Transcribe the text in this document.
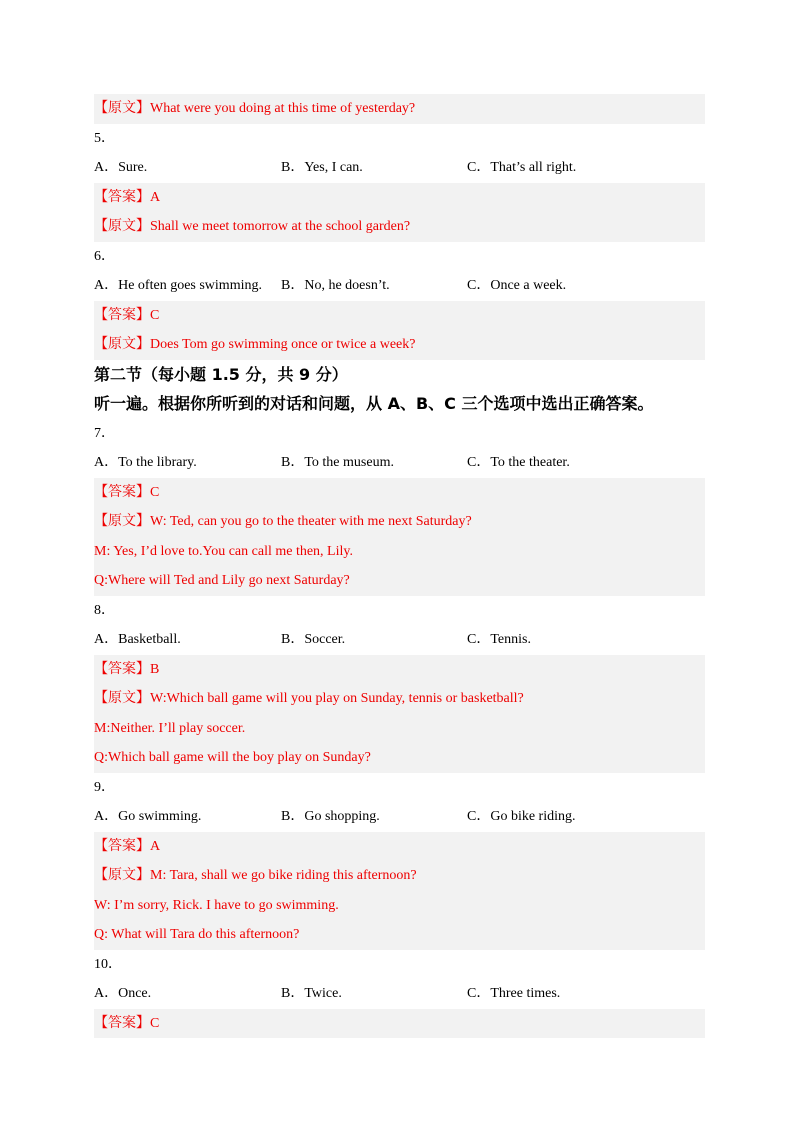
【原文】What were you doing at this time of yesterday?
5．
A．Sure.	B．Yes, I can.	C．That’s all right.
【答案】A
【原文】Shall we meet tomorrow at the school garden?
6．
A．He often goes swimming. B．No, he doesn’t.	C．Once a week.
【答案】C
【原文】Does Tom go swimming once or twice a week?
第二节（每小题 1.5 分，共 9 分）
听一遍。根据你所听到的对话和问题，从 A、B、C 三个选项中选出正确答案。
7．
A．To the library.	B．To the museum.	C．To the theater.
【答案】C
【原文】W: Ted, can you go to the theater with me next Saturday?
M: Yes, I’d love to.You can call me then, Lily.
Q:Where will Ted and Lily go next Saturday?
8．
A．Basketball.	B．Soccer.	C．Tennis.
【答案】B
【原文】W:Which ball game will you play on Sunday, tennis or basketball?
M:Neither. I’ll play soccer.
Q:Which ball game will the boy play on Sunday?
9．
A．Go swimming.	B．Go shopping.	C．Go bike riding.
【答案】A
【原文】M: Tara, shall we go bike riding this afternoon?
W: I’m sorry, Rick. I have to go swimming.
Q: What will Tara do this afternoon?
10．
A．Once.	B．Twice.	C．Three times.
【答案】C
